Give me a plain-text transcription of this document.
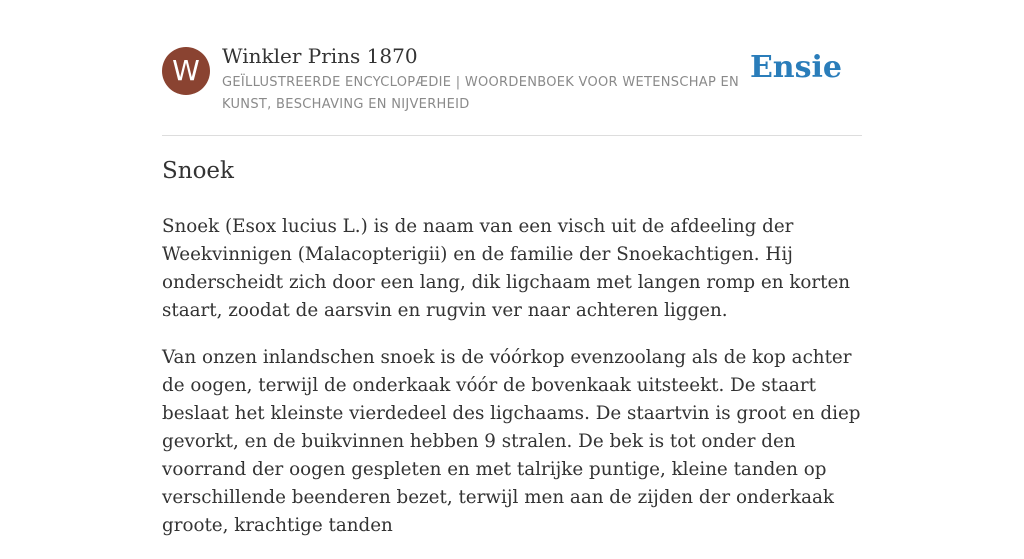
W	Winkler Prins 1870
GEÏLLUSTREERDE ENCYCLOPÆDIE | WOORDENBOEK VOOR WETENSCHAP EN KUNST, BESCHAVING EN NIJVERHEID
Ensie
Snoek

Snoek (Esox lucius L.) is de naam van een visch uit de afdeeling der Weekvinnigen (Malacopterigii) en de familie der Snoekachtigen. Hij onderscheidt zich door een lang, dik ligchaam met langen romp en korten staart, zoodat de aarsvin en rugvin ver naar achteren liggen.

Van onzen inlandschen snoek is de vóórkop evenzoolang als de kop achter de oogen, terwijl de onderkaak vóór de bovenkaak uitsteekt. De staart beslaat het kleinste vierdedeel des ligchaams. De staartvin is groot en diep gevorkt, en de buikvinnen hebben 9 stralen. De bek is tot onder den voorrand der oogen gespleten en met talrijke puntige, kleine tanden op verschillende beenderen bezet, terwijl men aan de zijden der onderkaak groote, krachtige tanden
